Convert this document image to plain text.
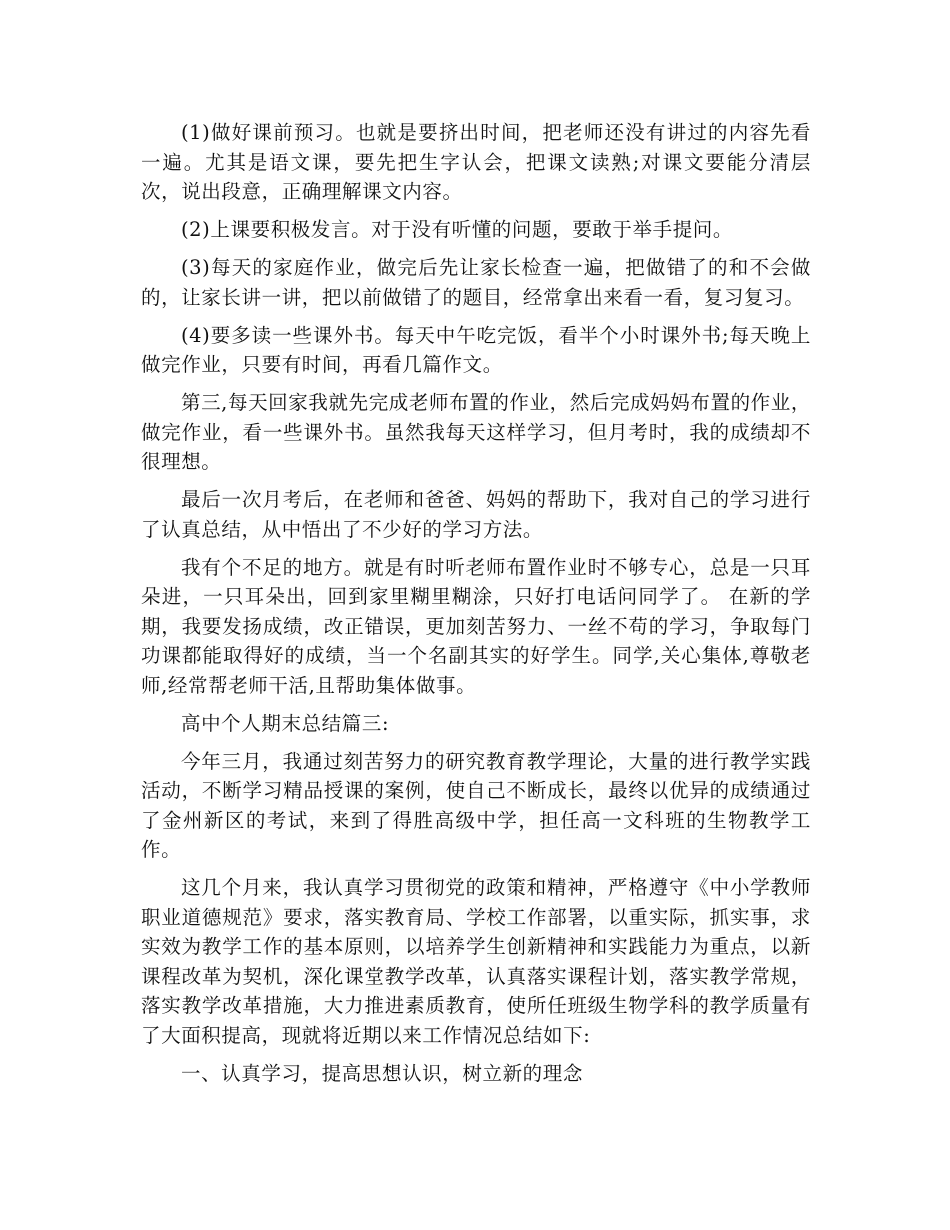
(1)做好课前预习。也就是要挤出时间，把老师还没有讲过的内容先看一遍。尤其是语文课，要先把生字认会，把课文读熟;对课文要能分清层次，说出段意，正确理解课文内容。

(2)上课要积极发言。对于没有听懂的问题，要敢于举手提问。

(3)每天的家庭作业，做完后先让家长检查一遍，把做错了的和不会做的，让家长讲一讲，把以前做错了的题目，经常拿出来看一看，复习复习。

(4)要多读一些课外书。每天中午吃完饭，看半个小时课外书;每天晚上做完作业，只要有时间，再看几篇作文。

第三,每天回家我就先完成老师布置的作业，然后完成妈妈布置的作业，做完作业，看一些课外书。虽然我每天这样学习，但月考时，我的成绩却不很理想。

最后一次月考后，在老师和爸爸、妈妈的帮助下，我对自己的学习进行了认真总结，从中悟出了不少好的学习方法。

我有个不足的地方。就是有时听老师布置作业时不够专心，总是一只耳朵进，一只耳朵出，回到家里糊里糊涂，只好打电话问同学了。 在新的学期，我要发扬成绩，改正错误，更加刻苦努力、一丝不苟的学习，争取每门功课都能取得好的成绩，当一个名副其实的好学生。同学,关心集体,尊敬老师,经常帮老师干活,且帮助集体做事。

高中个人期末总结篇三:

今年三月，我通过刻苦努力的研究教育教学理论，大量的进行教学实践活动，不断学习精品授课的案例，使自己不断成长，最终以优异的成绩通过了金州新区的考试，来到了得胜高级中学，担任高一文科班的生物教学工作。

这几个月来，我认真学习贯彻党的政策和精神，严格遵守《中小学教师职业道德规范》要求，落实教育局、学校工作部署，以重实际，抓实事，求实效为教学工作的基本原则，以培养学生创新精神和实践能力为重点，以新课程改革为契机，深化课堂教学改革，认真落实课程计划，落实教学常规，落实教学改革措施，大力推进素质教育，使所任班级生物学科的教学质量有了大面积提高，现就将近期以来工作情况总结如下:

一、认真学习，提高思想认识，树立新的理念
